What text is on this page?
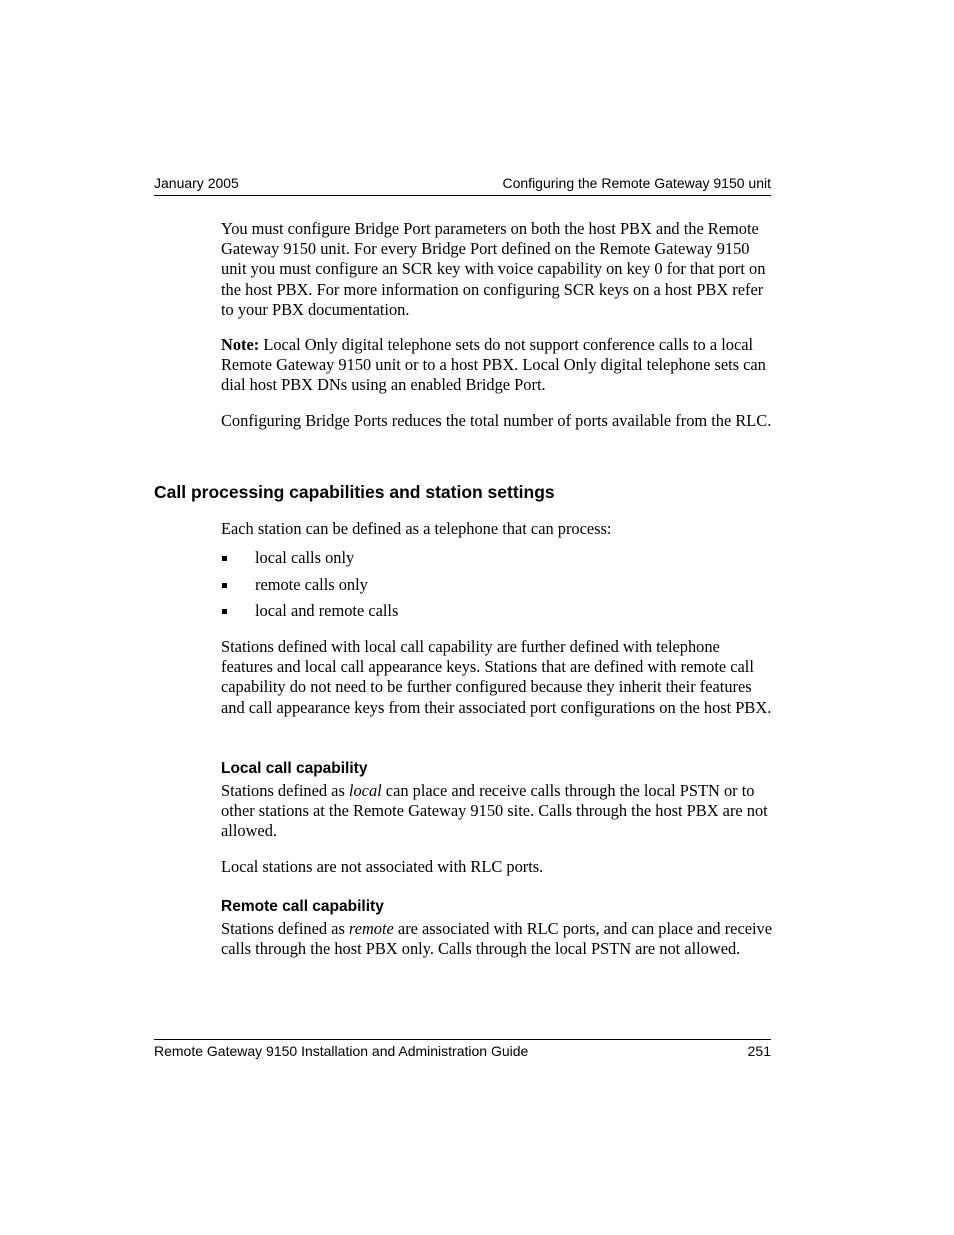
January 2005	Configuring the Remote Gateway 9150 unit

You must configure Bridge Port parameters on both the host PBX and the Remote Gateway 9150 unit. For every Bridge Port defined on the Remote Gateway 9150 unit you must configure an SCR key with voice capability on key 0 for that port on the host PBX. For more information on configuring SCR keys on a host PBX refer to your PBX documentation.

Note: Local Only digital telephone sets do not support conference calls to a local Remote Gateway 9150 unit or to a host PBX. Local Only digital telephone sets can dial host PBX DNs using an enabled Bridge Port.

Configuring Bridge Ports reduces the total number of ports available from the RLC.

Call processing capabilities and station settings

Each station can be defined as a telephone that can process:

local calls only
remote calls only
local and remote calls

Stations defined with local call capability are further defined with telephone features and local call appearance keys. Stations that are defined with remote call capability do not need to be further configured because they inherit their features and call appearance keys from their associated port configurations on the host PBX.

Local call capability

Stations defined as local can place and receive calls through the local PSTN or to other stations at the Remote Gateway 9150 site. Calls through the host PBX are not allowed.

Local stations are not associated with RLC ports.

Remote call capability

Stations defined as remote are associated with RLC ports, and can place and receive calls through the host PBX only. Calls through the local PSTN are not allowed.

Remote Gateway 9150 Installation and Administration Guide	251
